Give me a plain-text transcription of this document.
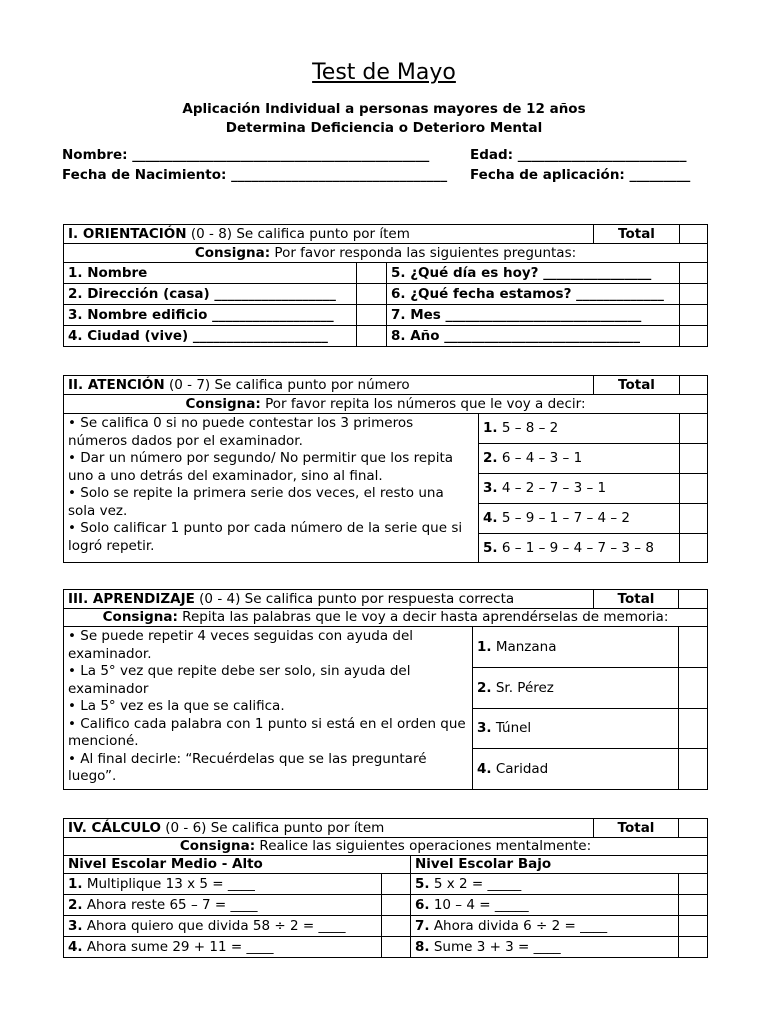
Test de Mayo
Aplicación Individual a personas mayores de 12 años
Determina Deficiencia o Deterioro Mental
Nombre: ____________________________________________	Edad: _________________________
Fecha de Nacimiento: ________________________________ Fecha de aplicación: _________
I. ORIENTACIÓN (0 - 8) Se califica punto por ítem		
Consigna: Por favor responda las siguientes preguntas:			
1. Nombre		5. ¿Qué día es hoy? ________________	
2. Dirección (casa) __________________		6. ¿Qué fecha estamos? _____________	
3. Nombre edificio __________________		7. Mes _____________________________	
4. Ciudad (vive) ____________________		8. Año _____________________________	
Total	
II. ATENCIÓN (0 - 7) Se califica punto por número		
Consigna: Por favor repita los números que le voy a decir:		

• Se califica 0 si no puede contestar los 3 primeros números dados por el examinador.
• Dar un número por segundo/ No permitir que los repita uno a uno detrás del examinador, sino al final.
• Solo se repite la primera serie dos veces, el resto una sola vez.
• Solo calificar 1 punto por cada número de la serie que si logró repetir.	1. 5 – 8 – 2	
	2. 6 – 4 – 3 – 1	
	3. 4 – 2 – 7 – 3 – 1	
	4. 5 – 9 – 1 – 7 – 4 – 2	
	5. 6 – 1 – 9 – 4 – 7 – 3 – 8	
Total	
III. APRENDIZAJE (0 - 4) Se califica punto por respuesta correcta		
Consigna: Repita las palabras que le voy a decir hasta aprendérselas de memoria:		

• Se puede repetir 4 veces seguidas con ayuda del examinador.
• La 5° vez que repite debe ser solo, sin ayuda del examinador
• La 5° vez es la que se califica.
• Califico cada palabra con 1 punto si está en el orden que mencioné.
• Al final decirle: “Recuérdelas que se las preguntaré luego”.	1. Manzana	
	2. Sr. Pérez	
	3. Túnel	
	4. Caridad	
Total	
IV. CÁLCULO (0 - 6) Se califica punto por ítem			
Consigna: Realice las siguientes operaciones mentalmente:			
Nivel Escolar Medio - Alto		Nivel Escolar Bajo	
1. Multiplique 13 x 5 = ____		5. 5 x 2 = _____	
2. Ahora reste 65 – 7 = ____		6. 10 – 4 = _____	
3. Ahora quiero que divida 58 ÷ 2 = ____		7. Ahora divida 6 ÷ 2 = ____	
4. Ahora sume 29 + 11 = ____		8. Sume 3 + 3 = ____	
Total	
